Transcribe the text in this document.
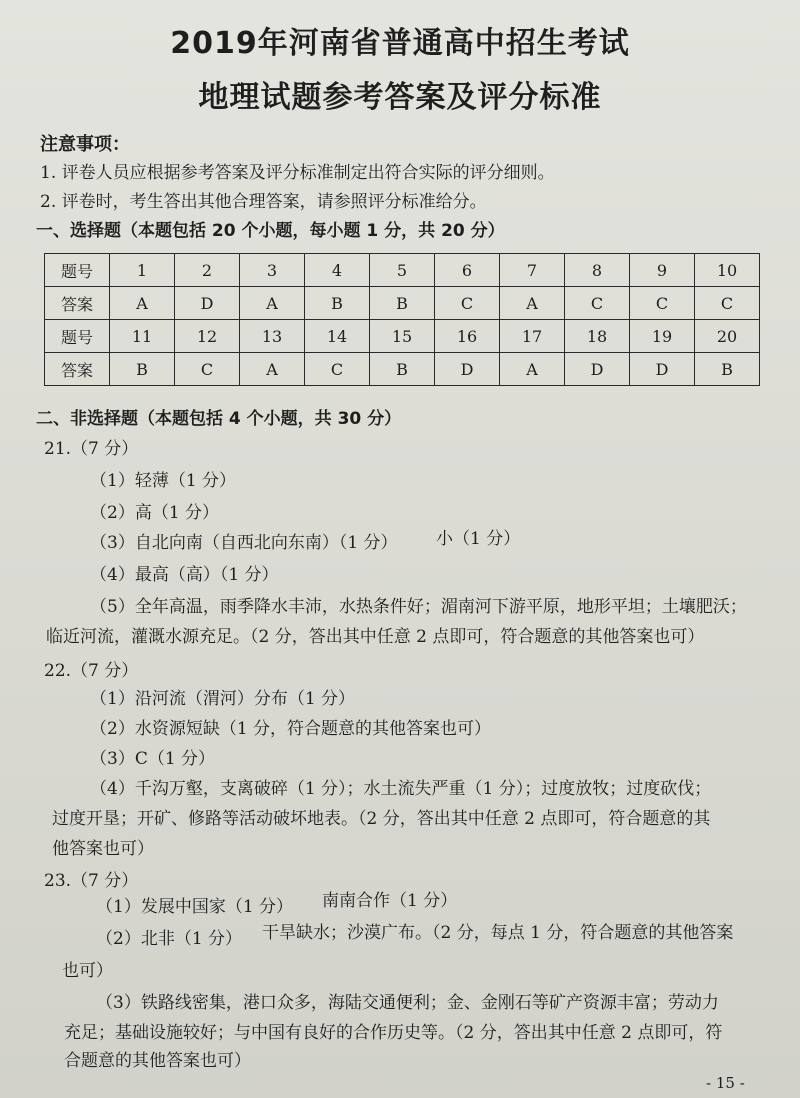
2019年河南省普通高中招生考试
地理试题参考答案及评分标准
注意事项：
1. 评卷人员应根据参考答案及评分标准制定出符合实际的评分细则。
2. 评卷时，考生答出其他合理答案，请参照评分标准给分。
一、选择题（本题包括 20 个小题，每小题 1 分，共 20 分）
题号	1	2	3	4	5	6	7	8	9	10
答案	A	D	A	B	B	C	A	C	C	C
题号	11	12	13	14	15	16	17	18	19	20
答案	B	C	A	C	B	D	A	D	D	B
二、非选择题（本题包括 4 个小题，共 30 分）
21.（7 分）
（1）轻薄（1 分）
（2）高（1 分）
（3）自北向南（自西北向东南）（1 分） 小（1 分）
（4）最高（高）（1 分）
（5）全年高温，雨季降水丰沛，水热条件好；湄南河下游平原，地形平坦；土壤肥沃；
临近河流，灌溉水源充足。（2 分，答出其中任意 2 点即可，符合题意的其他答案也可）
22.（7 分）
（1）沿河流（渭河）分布（1 分）
（2）水资源短缺（1 分，符合题意的其他答案也可）
（3）C（1 分）
（4）千沟万壑，支离破碎（1 分）；水土流失严重（1 分）；过度放牧；过度砍伐；
过度开垦；开矿、修路等活动破坏地表。（2 分，答出其中任意 2 点即可，符合题意的其
他答案也可）
23.（7 分）
（1）发展中国家（1 分） 南南合作（1 分）
（2）北非（1 分） 干旱缺水；沙漠广布。（2 分，每点 1 分，符合题意的其他答案
也可）
（3）铁路线密集，港口众多，海陆交通便利；金、金刚石等矿产资源丰富；劳动力
充足；基础设施较好；与中国有良好的合作历史等。（2 分，答出其中任意 2 点即可，符
合题意的其他答案也可）
- 15 -
